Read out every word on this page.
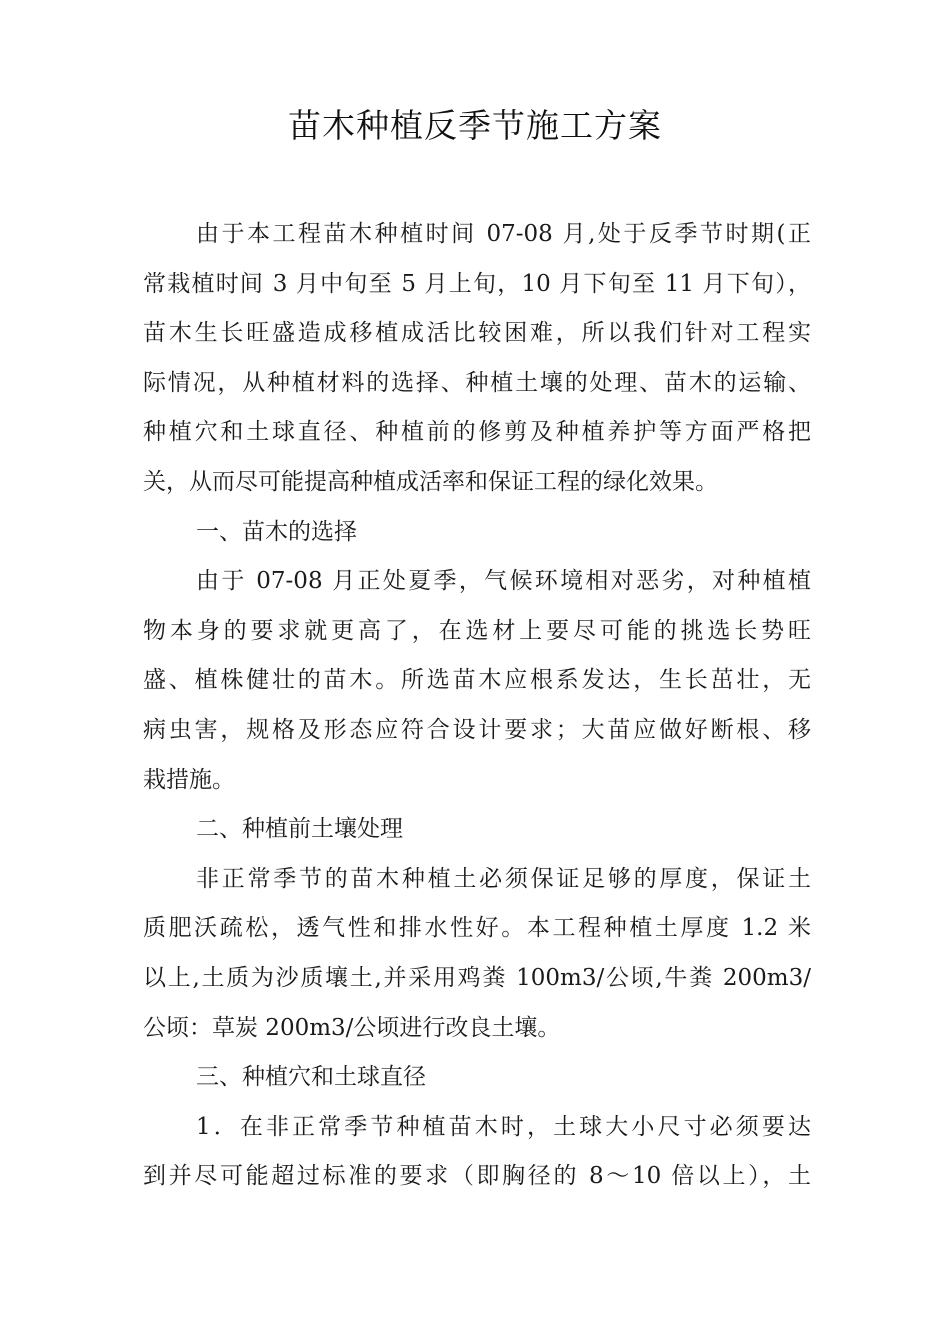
苗木种植反季节施工方案
由于本工程苗木种植时间 07-08 月,处于反季节时期(正
常栽植时间 3 月中旬至 5 月上旬，10 月下旬至 11 月下旬），
苗木生长旺盛造成移植成活比较困难，所以我们针对工程实
际情况，从种植材料的选择、种植土壤的处理、苗木的运输、
种植穴和土球直径、种植前的修剪及种植养护等方面严格把
关，从而尽可能提高种植成活率和保证工程的绿化效果。
一、苗木的选择
由于 07-08 月正处夏季，气候环境相对恶劣，对种植植
物本身的要求就更高了，在选材上要尽可能的挑选长势旺
盛、植株健壮的苗木。所选苗木应根系发达，生长茁壮，无
病虫害，规格及形态应符合设计要求；大苗应做好断根、移
栽措施。
二、种植前土壤处理
非正常季节的苗木种植土必须保证足够的厚度，保证土
质肥沃疏松，透气性和排水性好。本工程种植土厚度 1.2 米
以上,土质为沙质壤土,并采用鸡粪 100m3/公顷,牛粪 200m3/
公顷：草炭 200m3/公顷进行改良土壤。
三、种植穴和土球直径
1．在非正常季节种植苗木时，土球大小尺寸必须要达
到并尽可能超过标准的要求（即胸径的 8～10 倍以上），土
